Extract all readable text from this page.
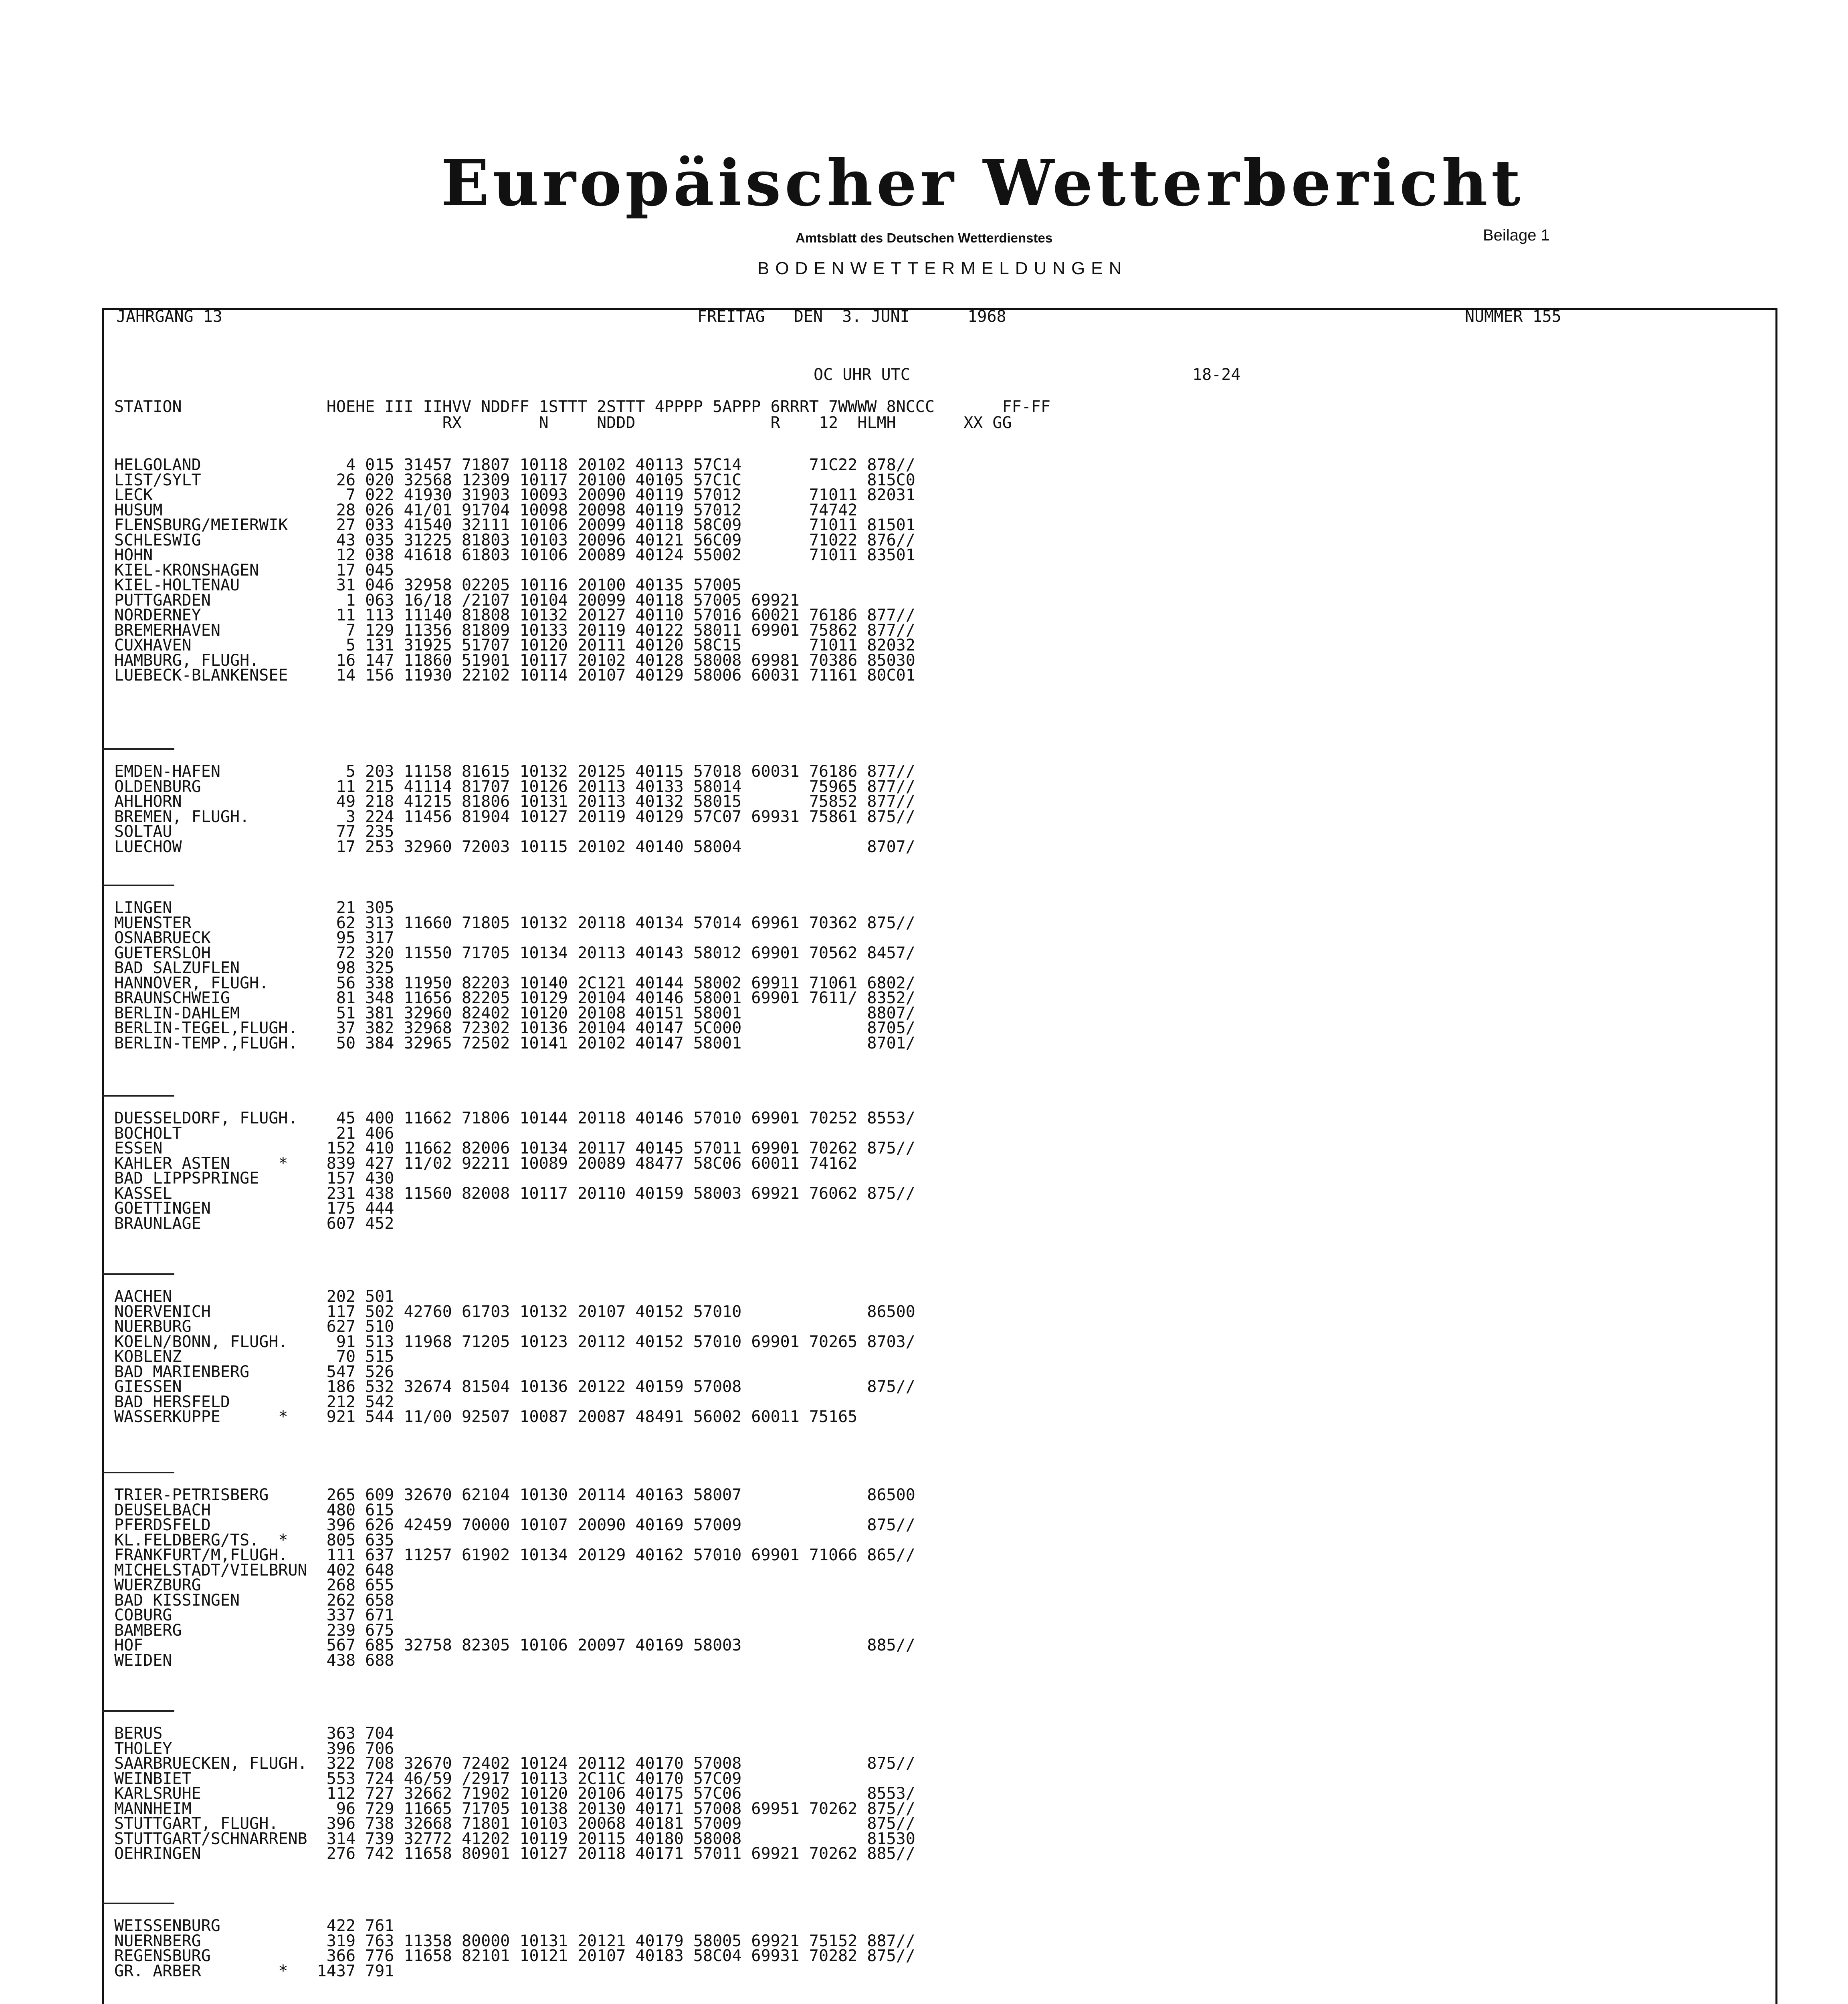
Europäischer Wetterbericht
Amtsblatt des Deutschen Wetterdienstes	Beilage 1
BODENWETTERMELDUNGEN
JAHRGANG 13	FREITAG   DEN  3. JUNI      1968	NUMMER 155
OC UHR UTC	18-24
STATION               HOEHE III IIHVV NDDFF 1STTT 2STTT 4PPPP 5APPP 6RRRT 7WWWW 8NCCC       FF-FF
RX        N     NDDD              R    12  HLMH       XX GG
HELGOLAND               4 015 31457 71807 10118 20102 40113 57C14       71C22 878//
LIST/SYLT              26 020 32568 12309 10117 20100 40105 57C1C             815C0
LECK                    7 022 41930 31903 10093 20090 40119 57012       71011 82031
HUSUM                  28 026 41/01 91704 10098 20098 40119 57012       74742
FLENSBURG/MEIERWIK     27 033 41540 32111 10106 20099 40118 58C09       71011 81501
SCHLESWIG              43 035 31225 81803 10103 20096 40121 56C09       71022 876//
HOHN                   12 038 41618 61803 10106 20089 40124 55002       71011 83501
KIEL-KRONSHAGEN        17 045
KIEL-HOLTENAU          31 046 32958 02205 10116 20100 40135 57005
PUTTGARDEN              1 063 16/18 /2107 10104 20099 40118 57005 69921
NORDERNEY              11 113 11140 81808 10132 20127 40110 57016 60021 76186 877//
BREMERHAVEN             7 129 11356 81809 10133 20119 40122 58011 69901 75862 877//
CUXHAVEN                5 131 31925 51707 10120 20111 40120 58C15       71011 82032
HAMBURG, FLUGH.        16 147 11860 51901 10117 20102 40128 58008 69981 70386 85030
LUEBECK-BLANKENSEE     14 156 11930 22102 10114 20107 40129 58006 60031 71161 80C01
EMDEN-HAFEN             5 203 11158 81615 10132 20125 40115 57018 60031 76186 877//
OLDENBURG              11 215 41114 81707 10126 20113 40133 58014       75965 877//
AHLHORN                49 218 41215 81806 10131 20113 40132 58015       75852 877//
BREMEN, FLUGH.          3 224 11456 81904 10127 20119 40129 57C07 69931 75861 875//
SOLTAU                 77 235
LUECHOW                17 253 32960 72003 10115 20102 40140 58004             8707/
LINGEN                 21 305
MUENSTER               62 313 11660 71805 10132 20118 40134 57014 69961 70362 875//
OSNABRUECK             95 317
GUETERSLOH             72 320 11550 71705 10134 20113 40143 58012 69901 70562 8457/
BAD SALZUFLEN          98 325
HANNOVER, FLUGH.       56 338 11950 82203 10140 2C121 40144 58002 69911 71061 6802/
BRAUNSCHWEIG           81 348 11656 82205 10129 20104 40146 58001 69901 7611/ 8352/
BERLIN-DAHLEM          51 381 32960 82402 10120 20108 40151 58001             8807/
BERLIN-TEGEL,FLUGH.    37 382 32968 72302 10136 20104 40147 5C000             8705/
BERLIN-TEMP.,FLUGH.    50 384 32965 72502 10141 20102 40147 58001             8701/
DUESSELDORF, FLUGH.    45 400 11662 71806 10144 20118 40146 57010 69901 70252 8553/
BOCHOLT                21 406
ESSEN                 152 410 11662 82006 10134 20117 40145 57011 69901 70262 875//
KAHLER ASTEN     *    839 427 11/02 92211 10089 20089 48477 58C06 60011 74162
BAD LIPPSPRINGE       157 430
KASSEL                231 438 11560 82008 10117 20110 40159 58003 69921 76062 875//
GOETTINGEN            175 444
BRAUNLAGE             607 452
AACHEN                202 501
NOERVENICH            117 502 42760 61703 10132 20107 40152 57010             86500
NUERBURG              627 510
KOELN/BONN, FLUGH.     91 513 11968 71205 10123 20112 40152 57010 69901 70265 8703/
KOBLENZ                70 515
BAD MARIENBERG        547 526
GIESSEN               186 532 32674 81504 10136 20122 40159 57008             875//
BAD HERSFELD          212 542
WASSERKUPPE      *    921 544 11/00 92507 10087 20087 48491 56002 60011 75165
TRIER-PETRISBERG      265 609 32670 62104 10130 20114 40163 58007             86500
DEUSELBACH            480 615
PFERDSFELD            396 626 42459 70000 10107 20090 40169 57009             875//
KL.FELDBERG/TS.  *    805 635
FRANKFURT/M,FLUGH.    111 637 11257 61902 10134 20129 40162 57010 69901 71066 865//
MICHELSTADT/VIELBRUN  402 648
WUERZBURG             268 655
BAD KISSINGEN         262 658
COBURG                337 671
BAMBERG               239 675
HOF                   567 685 32758 82305 10106 20097 40169 58003             885//
WEIDEN                438 688
BERUS                 363 704
THOLEY                396 706
SAARBRUECKEN, FLUGH.  322 708 32670 72402 10124 20112 40170 57008             875//
WEINBIET              553 724 46/59 /2917 10113 2C11C 40170 57C09
KARLSRUHE             112 727 32662 71902 10120 20106 40175 57C06             8553/
MANNHEIM               96 729 11665 71705 10138 20130 40171 57008 69951 70262 875//
STUTTGART, FLUGH.     396 738 32668 71801 10103 20068 40181 57009             875//
STUTTGART/SCHNARRENB  314 739 32772 41202 10119 20115 40180 58008             81530
OEHRINGEN             276 742 11658 80901 10127 20118 40171 57011 69921 70262 885//
WEISSENBURG           422 761
NUERNBERG             319 763 11358 80000 10131 20121 40179 58005 69921 75152 887//
REGENSBURG            366 776 11658 82101 10121 20107 40183 58C04 69931 70282 875//
GR. ARBER        *   1437 791
